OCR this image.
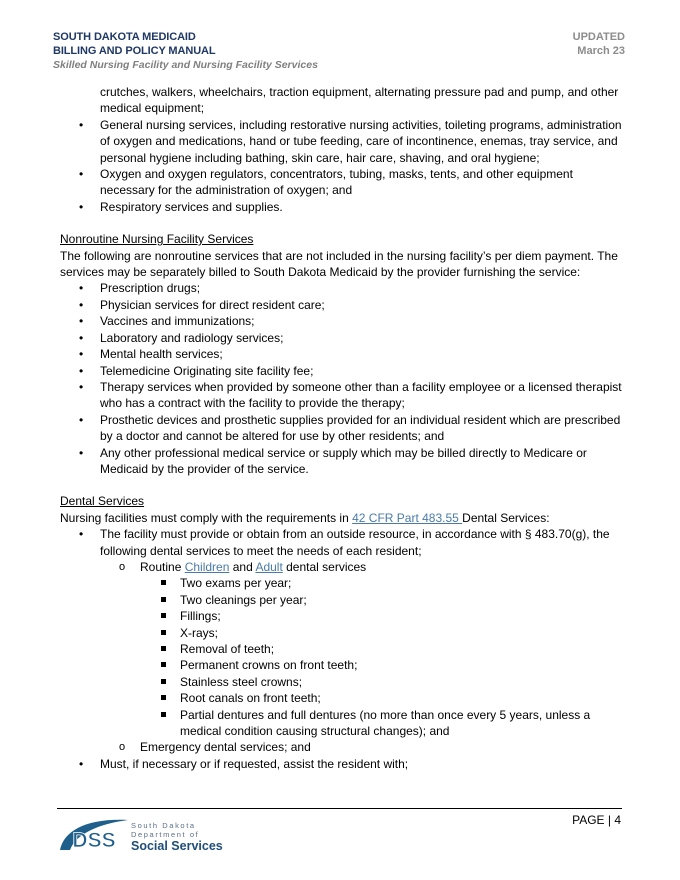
SOUTH DAKOTA MEDICAID
BILLING AND POLICY MANUAL
Skilled Nursing Facility and Nursing Facility Services
UPDATED
March 23
crutches, walkers, wheelchairs, traction equipment, alternating pressure pad and pump, and other medical equipment;
• General nursing services, including restorative nursing activities, toileting programs, administration of oxygen and medications, hand or tube feeding, care of incontinence, enemas, tray service, and personal hygiene including bathing, skin care, hair care, shaving, and oral hygiene;
• Oxygen and oxygen regulators, concentrators, tubing, masks, tents, and other equipment necessary for the administration of oxygen; and
• Respiratory services and supplies.

Nonroutine Nursing Facility Services

The following are nonroutine services that are not included in the nursing facility’s per diem payment. The services may be separately billed to South Dakota Medicaid by the provider furnishing the service:

• Prescription drugs;
• Physician services for direct resident care;
• Vaccines and immunizations;
• Laboratory and radiology services;
• Mental health services;
• Telemedicine Originating site facility fee;
• Therapy services when provided by someone other than a facility employee or a licensed therapist who has a contract with the facility to provide the therapy;
• Prosthetic devices and prosthetic supplies provided for an individual resident which are prescribed by a doctor and cannot be altered for use by other residents; and
• Any other professional medical service or supply which may be billed directly to Medicare or Medicaid by the provider of the service.

Dental Services

Nursing facilities must comply with the requirements in 42 CFR Part 483.55 Dental Services:

• The facility must provide or obtain from an outside resource, in accordance with § 483.70(g), the following dental services to meet the needs of each resident;
o Routine Children and Adult dental services
Two exams per year;
Two cleanings per year;
Fillings;
X-rays;
Removal of teeth;
Permanent crowns on front teeth;
Stainless steel crowns;
Root canals on front teeth;
Partial dentures and full dentures (no more than once every 5 years, unless a medical condition causing structural changes); and
o Emergency dental services; and
• Must, if necessary or if requested, assist the resident with;
PAGE | 4
DSS
South Dakota
Department of
Social Services
